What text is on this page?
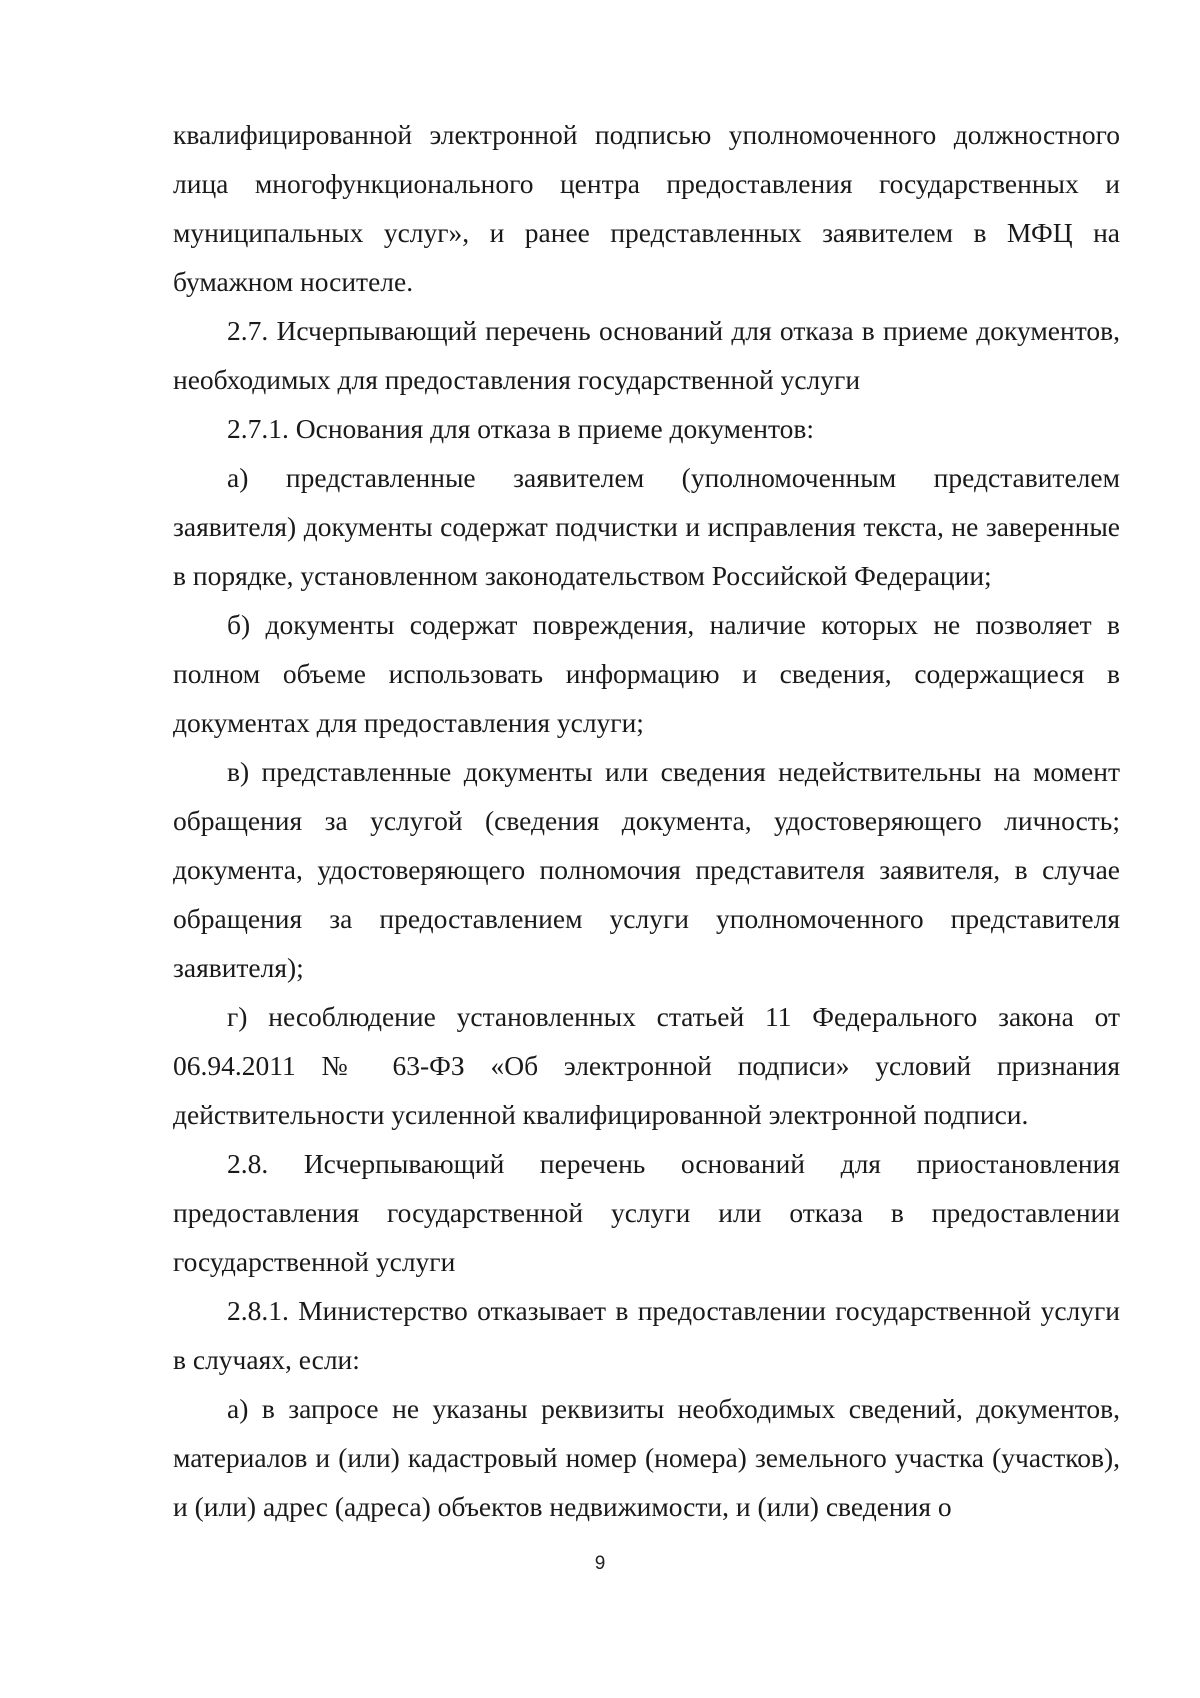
квалифицированной электронной подписью уполномоченного должностного лица многофункционального центра предоставления государственных и муниципальных услуг», и ранее представленных заявителем в МФЦ на бумажном носителе.

2.7. Исчерпывающий перечень оснований для отказа в приеме документов, необходимых для предоставления государственной услуги

2.7.1. Основания для отказа в приеме документов:

а) представленные заявителем (уполномоченным представителем заявителя) документы содержат подчистки и исправления текста, не заверенные в порядке, установленном законодательством Российской Федерации;

б) документы содержат повреждения, наличие которых не позволяет в полном объеме использовать информацию и сведения, содержащиеся в документах для предоставления услуги;

в) представленные документы или сведения недействительны на момент обращения за услугой (сведения документа, удостоверяющего личность; документа, удостоверяющего полномочия представителя заявителя, в случае обращения за предоставлением услуги уполномоченного представителя заявителя);

г) несоблюдение установленных статьей 11 Федерального закона от 06.94.2011 № 63-ФЗ «Об электронной подписи» условий признания действительности усиленной квалифицированной электронной подписи.

2.8. Исчерпывающий перечень оснований для приостановления предоставления государственной услуги или отказа в предоставлении государственной услуги

2.8.1. Министерство отказывает в предоставлении государственной услуги в случаях, если:

а) в запросе не указаны реквизиты необходимых сведений, документов, материалов и (или) кадастровый номер (номера) земельного участка (участков), и (или) адрес (адреса) объектов недвижимости, и (или) сведения о

9
